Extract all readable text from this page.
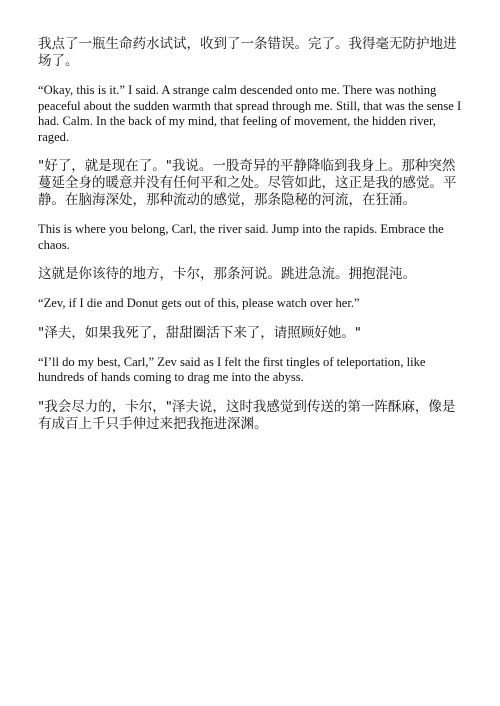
我点了一瓶生命药水试试，收到了一条错误。完了。我得毫无防护地进场了。

“Okay, this is it.” I said. A strange calm descended onto me. There was nothing peaceful about the sudden warmth that spread through me. Still, that was the sense I had. Calm. In the back of my mind, that feeling of movement, the hidden river, raged.

"好了，就是现在了。"我说。一股奇异的平静降临到我身上。那种突然蔓延全身的暖意并没有任何平和之处。尽管如此，这正是我的感觉。平静。在脑海深处，那种流动的感觉，那条隐秘的河流，在狂涌。

This is where you belong, Carl, the river said. Jump into the rapids. Embrace the chaos.

这就是你该待的地方，卡尔，那条河说。跳进急流。拥抱混沌。

“Zev, if I die and Donut gets out of this, please watch over her.”

"泽夫，如果我死了，甜甜圈活下来了，请照顾好她。"

“I’ll do my best, Carl,” Zev said as I felt the first tingles of teleportation, like hundreds of hands coming to drag me into the abyss.

"我会尽力的，卡尔，"泽夫说，这时我感觉到传送的第一阵酥麻，像是有成百上千只手伸过来把我拖进深渊。
